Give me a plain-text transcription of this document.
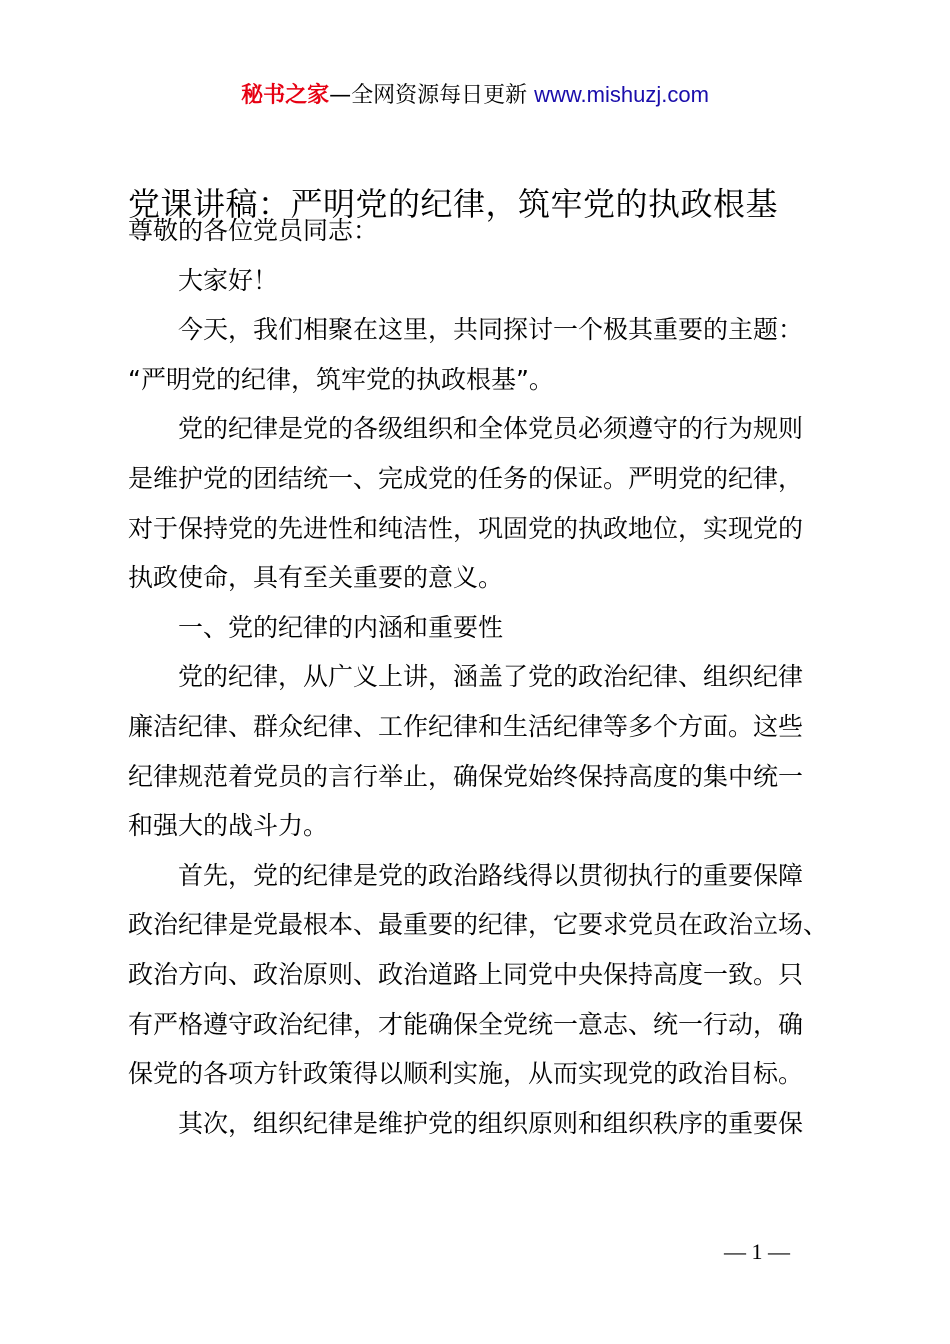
秘书之家—全网资源每日更新 www.mishuzj.com
党课讲稿：严明党的纪律，筑牢党的执政根基
尊敬的各位党员同志：
大家好！
今天，我们相聚在这里，共同探讨一个极其重要的主题：
“严明党的纪律，筑牢党的执政根基”。
党的纪律是党的各级组织和全体党员必须遵守的行为规则
是维护党的团结统一、完成党的任务的保证。严明党的纪律，
对于保持党的先进性和纯洁性，巩固党的执政地位，实现党的
执政使命，具有至关重要的意义。
一、党的纪律的内涵和重要性
党的纪律，从广义上讲，涵盖了党的政治纪律、组织纪律
廉洁纪律、群众纪律、工作纪律和生活纪律等多个方面。这些
纪律规范着党员的言行举止，确保党始终保持高度的集中统一
和强大的战斗力。
首先，党的纪律是党的政治路线得以贯彻执行的重要保障
政治纪律是党最根本、最重要的纪律，它要求党员在政治立场、
政治方向、政治原则、政治道路上同党中央保持高度一致。只
有严格遵守政治纪律，才能确保全党统一意志、统一行动，确
保党的各项方针政策得以顺利实施，从而实现党的政治目标。
其次，组织纪律是维护党的组织原则和组织秩序的重要保
— 1 —
